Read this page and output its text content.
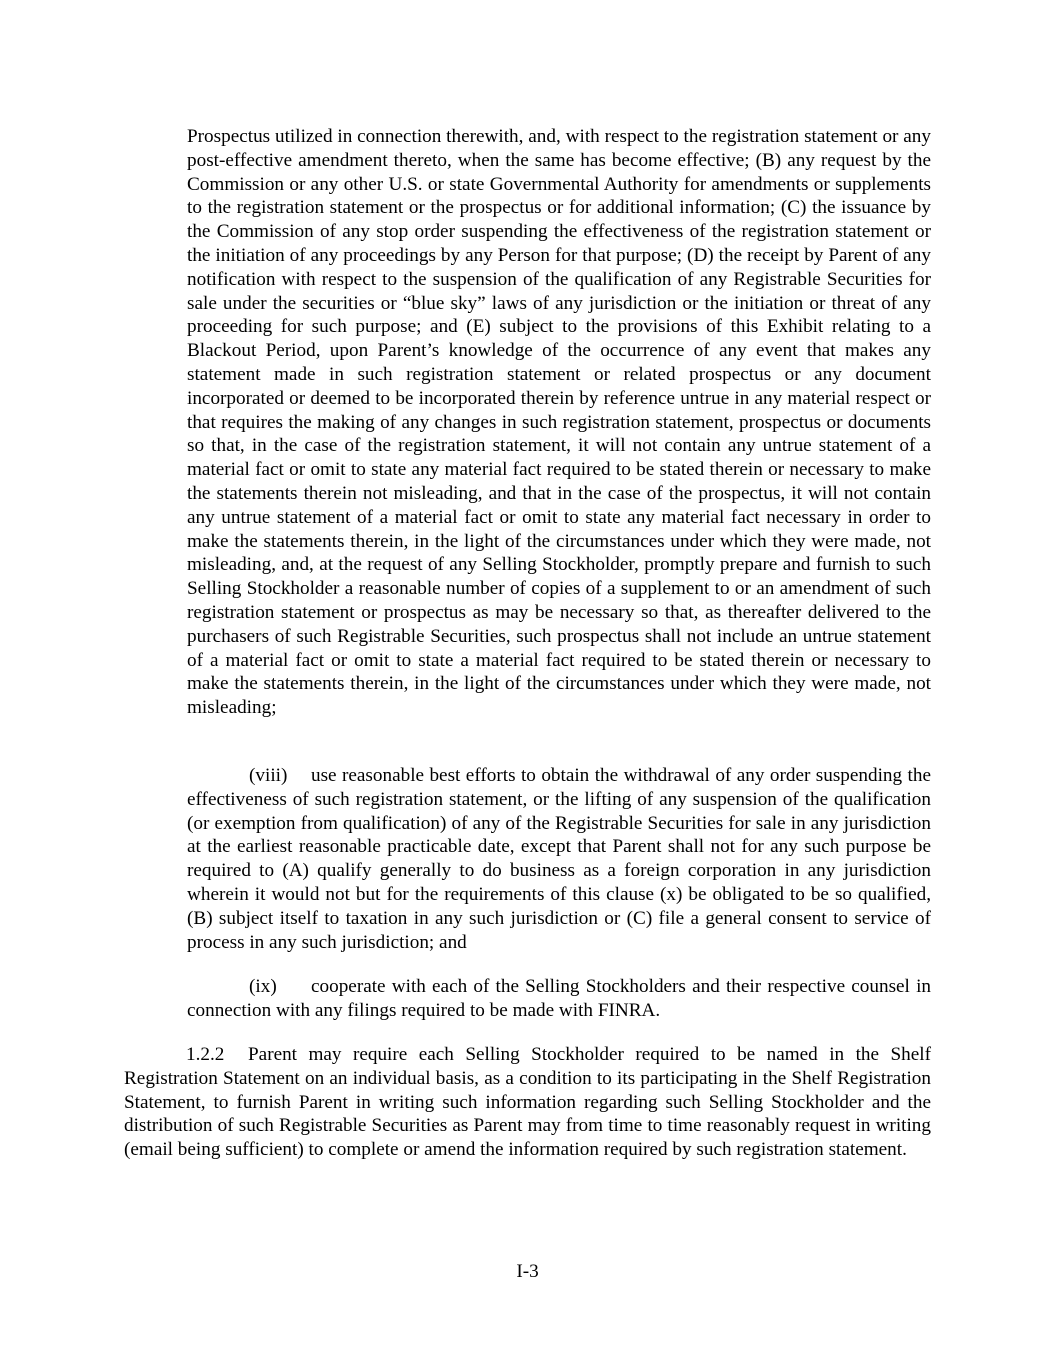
Prospectus utilized in connection therewith, and, with respect to the registration statement or any post-effective amendment thereto, when the same has become effective; (B) any request by the Commission or any other U.S. or state Governmental Authority for amendments or supplements to the registration statement or the prospectus or for additional information; (C) the issuance by the Commission of any stop order suspending the effectiveness of the registration statement or the initiation of any proceedings by any Person for that purpose; (D) the receipt by Parent of any notification with respect to the suspension of the qualification of any Registrable Securities for sale under the securities or “blue sky” laws of any jurisdiction or the initiation or threat of any proceeding for such purpose; and (E) subject to the provisions of this Exhibit relating to a Blackout Period, upon Parent’s knowledge of the occurrence of any event that makes any statement made in such registration statement or related prospectus or any document incorporated or deemed to be incorporated therein by reference untrue in any material respect or that requires the making of any changes in such registration statement, prospectus or documents so that, in the case of the registration statement, it will not contain any untrue statement of a material fact or omit to state any material fact required to be stated therein or necessary to make the statements therein not misleading, and that in the case of the prospectus, it will not contain any untrue statement of a material fact or omit to state any material fact necessary in order to make the statements therein, in the light of the circumstances under which they were made, not misleading, and, at the request of any Selling Stockholder, promptly prepare and furnish to such Selling Stockholder a reasonable number of copies of a supplement to or an amendment of such registration statement or prospectus as may be necessary so that, as thereafter delivered to the purchasers of such Registrable Securities, such prospectus shall not include an untrue statement of a material fact or omit to state a material fact required to be stated therein or necessary to make the statements therein, in the light of the circumstances under which they were made, not misleading;

(viii) use reasonable best efforts to obtain the withdrawal of any order suspending the effectiveness of such registration statement, or the lifting of any suspension of the qualification (or exemption from qualification) of any of the Registrable Securities for sale in any jurisdiction at the earliest reasonable practicable date, except that Parent shall not for any such purpose be required to (A) qualify generally to do business as a foreign corporation in any jurisdiction wherein it would not but for the requirements of this clause (x) be obligated to be so qualified, (B) subject itself to taxation in any such jurisdiction or (C) file a general consent to service of process in any such jurisdiction; and

(ix) cooperate with each of the Selling Stockholders and their respective counsel in connection with any filings required to be made with FINRA.

1.2.2 Parent may require each Selling Stockholder required to be named in the Shelf Registration Statement on an individual basis, as a condition to its participating in the Shelf Registration Statement, to furnish Parent in writing such information regarding such Selling Stockholder and the distribution of such Registrable Securities as Parent may from time to time reasonably request in writing (email being sufficient) to complete or amend the information required by such registration statement.

I-3
